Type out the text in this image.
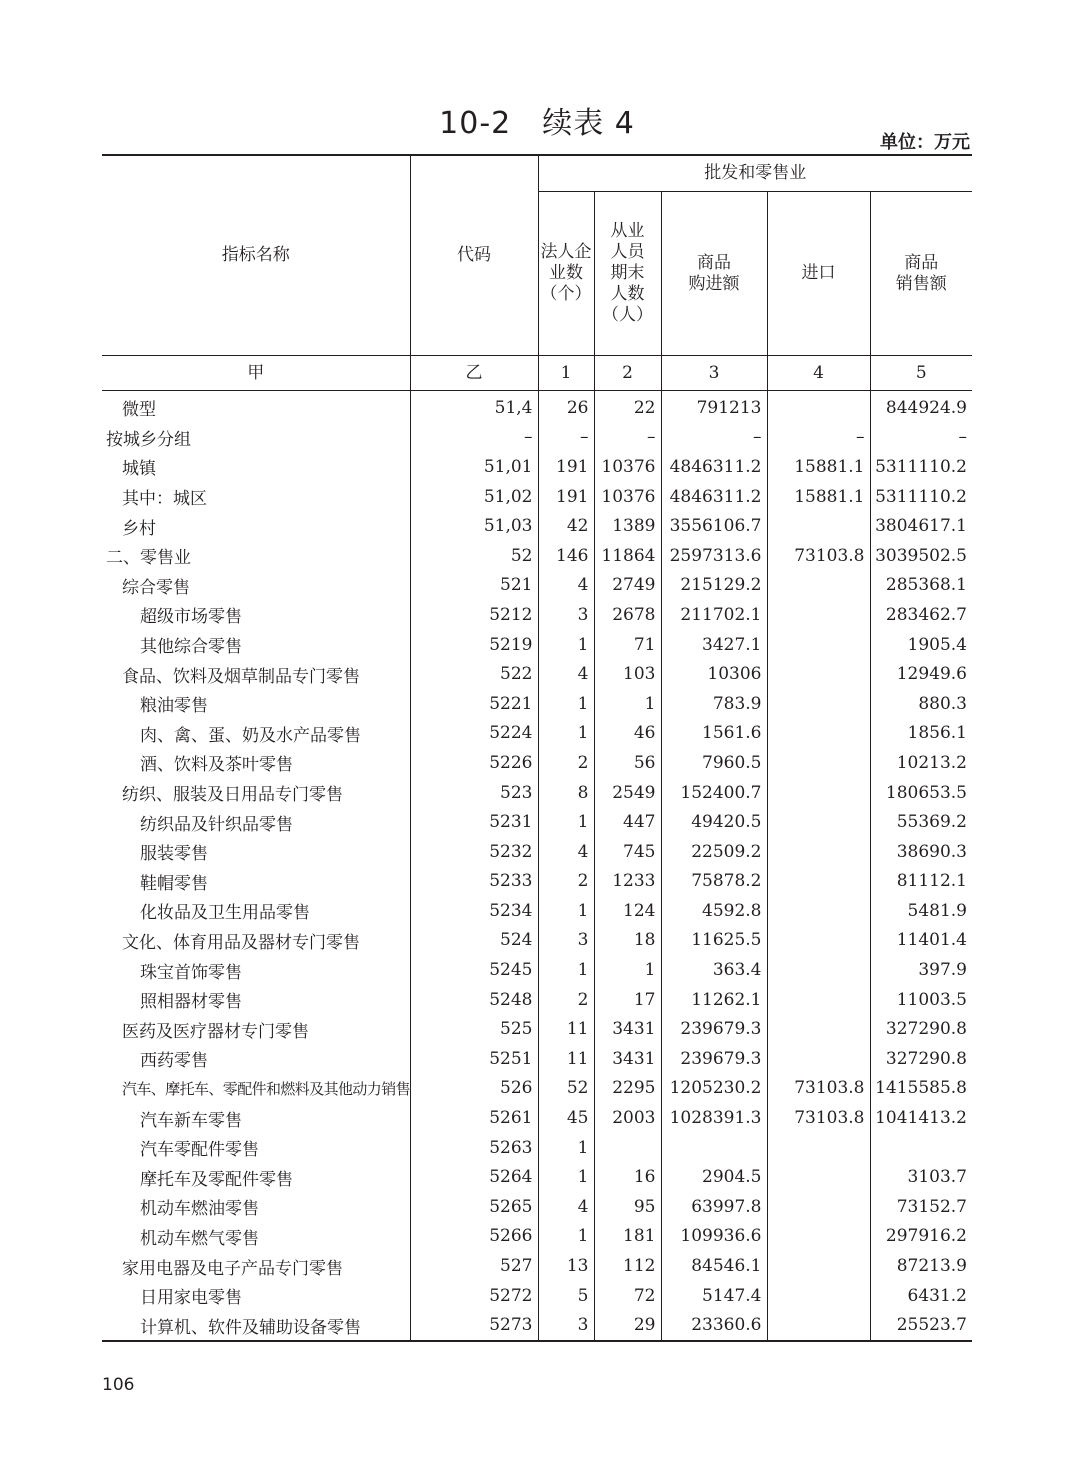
10-2　续表 4
单位：万元
指标名称	代码	批发和零售业				
		法人企
业数
（个）	从业
人员
期末
人数
（人）	商品
购进额	进口	商品
销售额
甲	乙	1	2	3	4	5
微型	51,4	26	22	791213		844924.9
按城乡分组	–	–	–	–	–	–
城镇	51,01	191	10376	4846311.2	15881.1	5311110.2
其中：城区	51,02	191	10376	4846311.2	15881.1	5311110.2
乡村	51,03	42	1389	3556106.7		3804617.1
二、零售业	52	146	11864	2597313.6	73103.8	3039502.5
综合零售	521	4	2749	215129.2		285368.1
超级市场零售	5212	3	2678	211702.1		283462.7
其他综合零售	5219	1	71	3427.1		1905.4
食品、饮料及烟草制品专门零售	522	4	103	10306		12949.6
粮油零售	5221	1	1	783.9		880.3
肉、禽、蛋、奶及水产品零售	5224	1	46	1561.6		1856.1
酒、饮料及茶叶零售	5226	2	56	7960.5		10213.2
纺织、服装及日用品专门零售	523	8	2549	152400.7		180653.5
纺织品及针织品零售	5231	1	447	49420.5		55369.2
服装零售	5232	4	745	22509.2		38690.3
鞋帽零售	5233	2	1233	75878.2		81112.1
化妆品及卫生用品零售	5234	1	124	4592.8		5481.9
文化、体育用品及器材专门零售	524	3	18	11625.5		11401.4
珠宝首饰零售	5245	1	1	363.4		397.9
照相器材零售	5248	2	17	11262.1		11003.5
医药及医疗器材专门零售	525	11	3431	239679.3		327290.8
西药零售	5251	11	3431	239679.3		327290.8
汽车、摩托车、零配件和燃料及其他动力销售	526	52	2295	1205230.2	73103.8	1415585.8
汽车新车零售	5261	45	2003	1028391.3	73103.8	1041413.2
汽车零配件零售	5263	1				
摩托车及零配件零售	5264	1	16	2904.5		3103.7
机动车燃油零售	5265	4	95	63997.8		73152.7
机动车燃气零售	5266	1	181	109936.6		297916.2
家用电器及电子产品专门零售	527	13	112	84546.1		87213.9
日用家电零售	5272	5	72	5147.4		6431.2
计算机、软件及辅助设备零售	5273	3	29	23360.6		25523.7
106
